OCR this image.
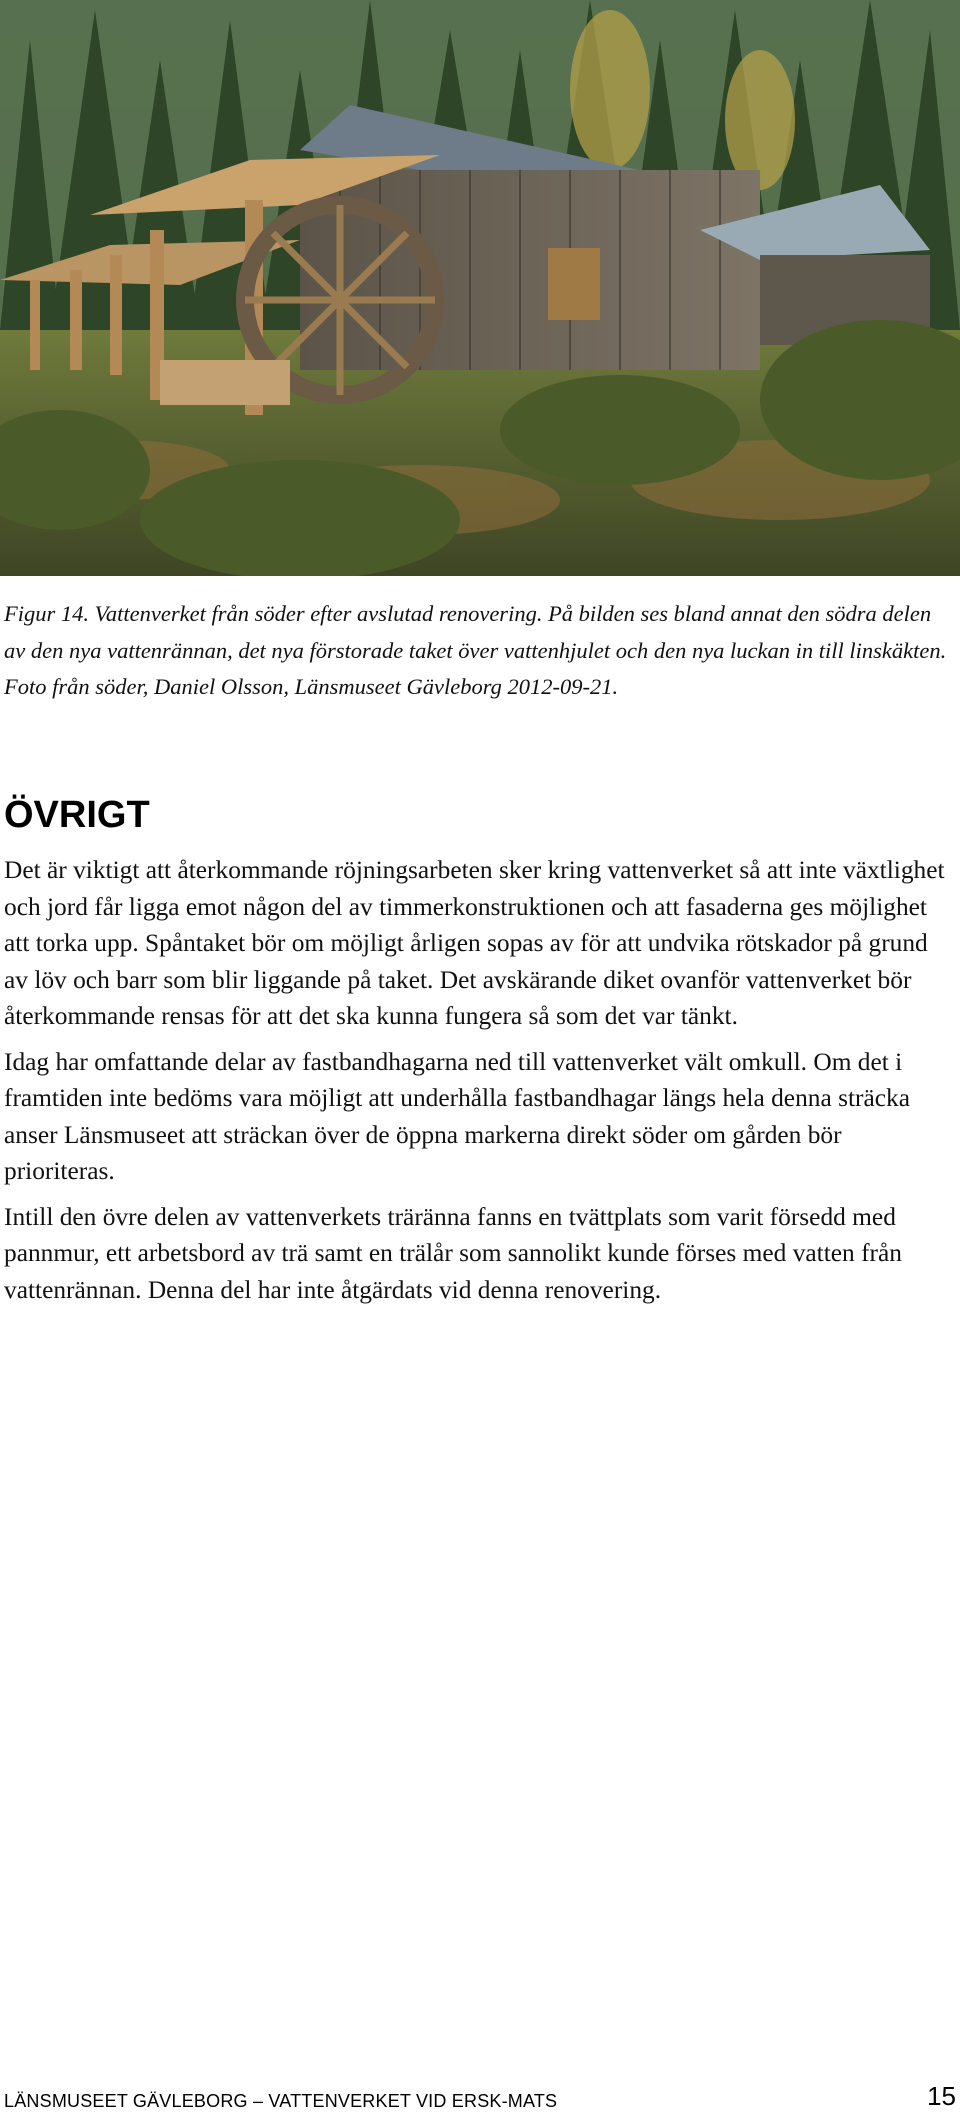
Figur 14. Vattenverket från söder efter avslutad renovering. På bilden ses bland annat den södra delen av den nya vattenrännan, det nya förstorade taket över vattenhjulet och den nya luckan in till linskäkten. Foto från söder, Daniel Olsson, Länsmuseet Gävleborg 2012-09-21.

ÖVRIGT

Det är viktigt att återkommande röjningsarbeten sker kring vattenverket så att inte växtlighet och jord får ligga emot någon del av timmerkonstruktionen och att fasaderna ges möjlighet att torka upp. Spåntaket bör om möjligt årligen sopas av för att undvika rötskador på grund av löv och barr som blir liggande på taket. Det avskärande diket ovanför vattenverket bör återkommande rensas för att det ska kunna fungera så som det var tänkt.

Idag har omfattande delar av fastbandhagarna ned till vattenverket vält omkull. Om det i framtiden inte bedöms vara möjligt att underhålla fastbandhagar längs hela denna sträcka anser Länsmuseet att sträckan över de öppna markerna direkt söder om gården bör prioriteras.

Intill den övre delen av vattenverkets träränna fanns en tvättplats som varit försedd med pannmur, ett arbetsbord av trä samt en trälår som sannolikt kunde förses med vatten från vattenrännan. Denna del har inte åtgärdats vid denna renovering.

LÄNSMUSEET GÄVLEBORG – VATTENVERKET VID ERSK-MATS	15
